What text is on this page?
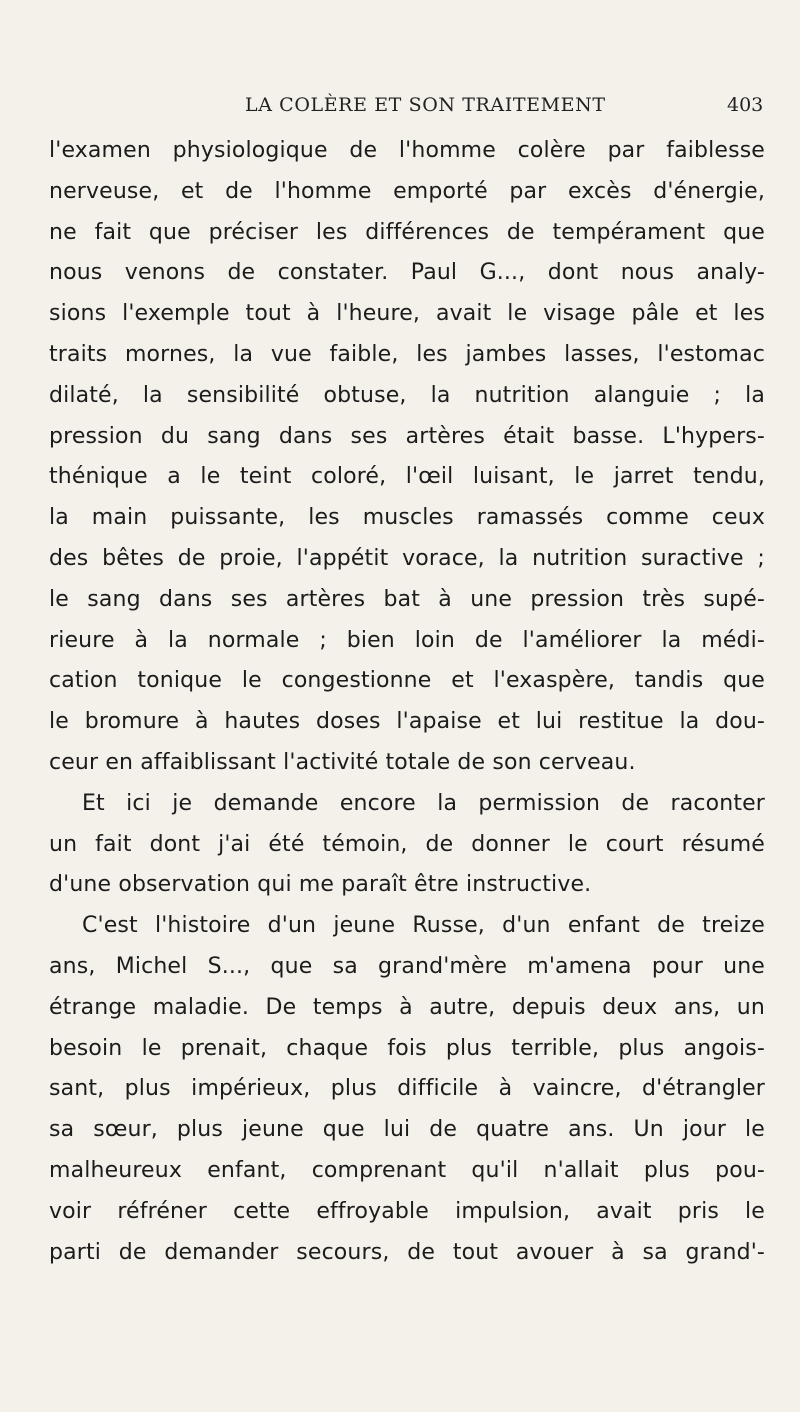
LA COLÈRE ET SON TRAITEMENT	403
l'examen physiologique de l'homme colère par faiblesse
nerveuse, et de l'homme emporté par excès d'énergie,
ne fait que préciser les différences de tempérament que
nous venons de constater. Paul G..., dont nous analy-
sions l'exemple tout à l'heure, avait le visage pâle et les
traits mornes, la vue faible, les jambes lasses, l'estomac
dilaté, la sensibilité obtuse, la nutrition alanguie ; la
pression du sang dans ses artères était basse. L'hypers-
thénique a le teint coloré, l'œil luisant, le jarret tendu,
la main puissante, les muscles ramassés comme ceux
des bêtes de proie, l'appétit vorace, la nutrition suractive ;
le sang dans ses artères bat à une pression très supé-
rieure à la normale ; bien loin de l'améliorer la médi-
cation tonique le congestionne et l'exaspère, tandis que
le bromure à hautes doses l'apaise et lui restitue la dou-
ceur en affaiblissant l'activité totale de son cerveau.
Et ici je demande encore la permission de raconter
un fait dont j'ai été témoin, de donner le court résumé
d'une observation qui me paraît être instructive.
C'est l'histoire d'un jeune Russe, d'un enfant de treize
ans, Michel S..., que sa grand'mère m'amena pour une
étrange maladie. De temps à autre, depuis deux ans, un
besoin le prenait, chaque fois plus terrible, plus angois-
sant, plus impérieux, plus difficile à vaincre, d'étrangler
sa sœur, plus jeune que lui de quatre ans. Un jour le
malheureux enfant, comprenant qu'il n'allait plus pou-
voir réfréner cette effroyable impulsion, avait pris le
parti de demander secours, de tout avouer à sa grand'-
